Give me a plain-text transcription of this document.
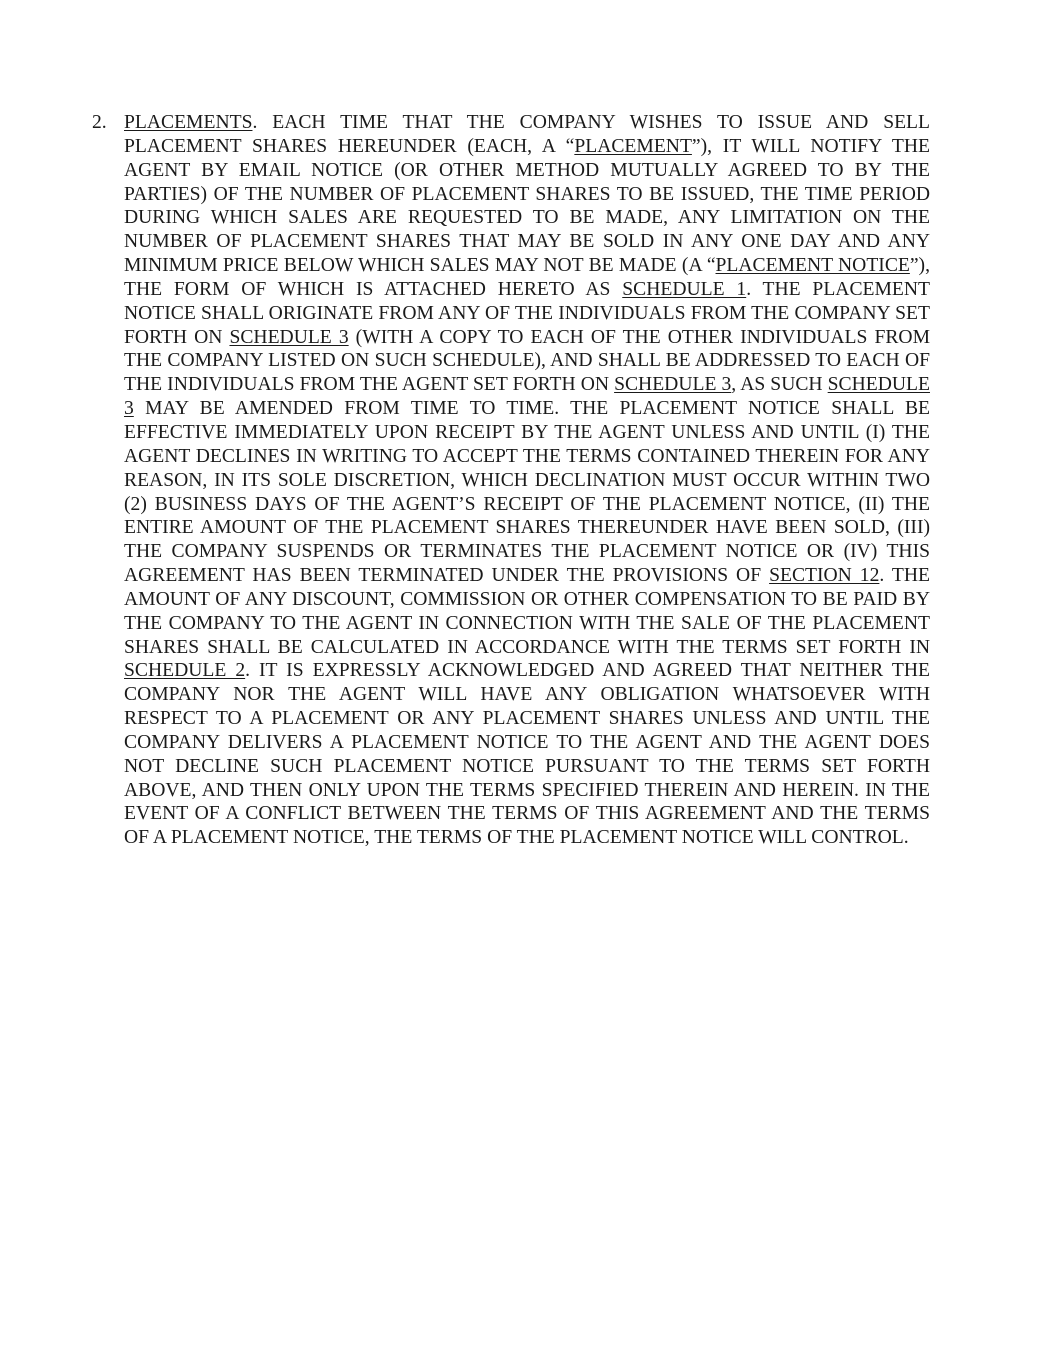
2. PLACEMENTS. EACH TIME THAT THE COMPANY WISHES TO ISSUE AND SELL PLACEMENT SHARES HEREUNDER (EACH, A “PLACEMENT”), IT WILL NOTIFY THE AGENT BY EMAIL NOTICE (OR OTHER METHOD MUTUALLY AGREED TO BY THE PARTIES) OF THE NUMBER OF PLACEMENT SHARES TO BE ISSUED, THE TIME PERIOD DURING WHICH SALES ARE REQUESTED TO BE MADE, ANY LIMITATION ON THE NUMBER OF PLACEMENT SHARES THAT MAY BE SOLD IN ANY ONE DAY AND ANY MINIMUM PRICE BELOW WHICH SALES MAY NOT BE MADE (A “PLACEMENT NOTICE”), THE FORM OF WHICH IS ATTACHED HERETO AS SCHEDULE 1. THE PLACEMENT NOTICE SHALL ORIGINATE FROM ANY OF THE INDIVIDUALS FROM THE COMPANY SET FORTH ON SCHEDULE 3 (WITH A COPY TO EACH OF THE OTHER INDIVIDUALS FROM THE COMPANY LISTED ON SUCH SCHEDULE), AND SHALL BE ADDRESSED TO EACH OF THE INDIVIDUALS FROM THE AGENT SET FORTH ON SCHEDULE 3, AS SUCH SCHEDULE 3 MAY BE AMENDED FROM TIME TO TIME. THE PLACEMENT NOTICE SHALL BE EFFECTIVE IMMEDIATELY UPON RECEIPT BY THE AGENT UNLESS AND UNTIL (I) THE AGENT DECLINES IN WRITING TO ACCEPT THE TERMS CONTAINED THEREIN FOR ANY REASON, IN ITS SOLE DISCRETION, WHICH DECLINATION MUST OCCUR WITHIN TWO (2) BUSINESS DAYS OF THE AGENT’S RECEIPT OF THE PLACEMENT NOTICE, (II) THE ENTIRE AMOUNT OF THE PLACEMENT SHARES THEREUNDER HAVE BEEN SOLD, (III) THE COMPANY SUSPENDS OR TERMINATES THE PLACEMENT NOTICE OR (IV) THIS AGREEMENT HAS BEEN TERMINATED UNDER THE PROVISIONS OF SECTION 12. THE AMOUNT OF ANY DISCOUNT, COMMISSION OR OTHER COMPENSATION TO BE PAID BY THE COMPANY TO THE AGENT IN CONNECTION WITH THE SALE OF THE PLACEMENT SHARES SHALL BE CALCULATED IN ACCORDANCE WITH THE TERMS SET FORTH IN SCHEDULE 2. IT IS EXPRESSLY ACKNOWLEDGED AND AGREED THAT NEITHER THE COMPANY NOR THE AGENT WILL HAVE ANY OBLIGATION WHATSOEVER WITH RESPECT TO A PLACEMENT OR ANY PLACEMENT SHARES UNLESS AND UNTIL THE COMPANY DELIVERS A PLACEMENT NOTICE TO THE AGENT AND THE AGENT DOES NOT DECLINE SUCH PLACEMENT NOTICE PURSUANT TO THE TERMS SET FORTH ABOVE, AND THEN ONLY UPON THE TERMS SPECIFIED THEREIN AND HEREIN. IN THE EVENT OF A CONFLICT BETWEEN THE TERMS OF THIS AGREEMENT AND THE TERMS OF A PLACEMENT NOTICE, THE TERMS OF THE PLACEMENT NOTICE WILL CONTROL.
